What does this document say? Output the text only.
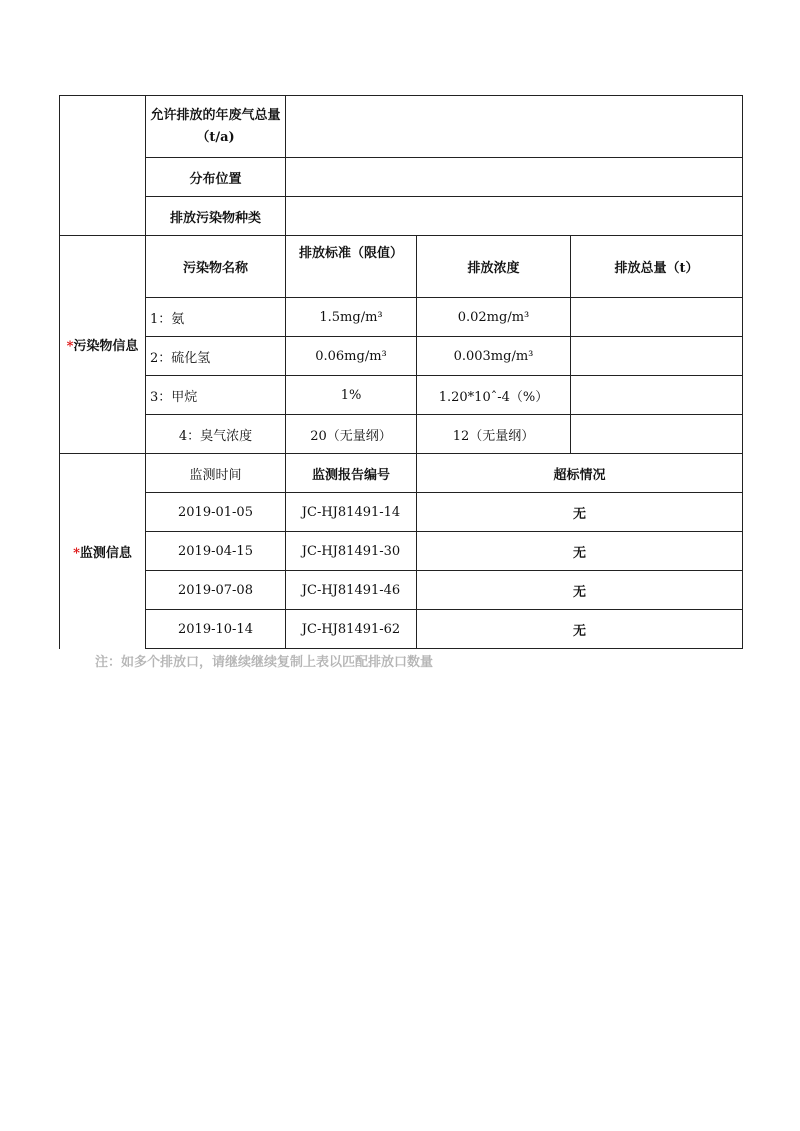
	允许排放的年废气总量（t/a)			
	分布位置			
	排放污染物种类			
*污染物信息	污染物名称	排放标准（限值）	排放浓度	排放总量（t）
	1：氨	1.5mg/m³	0.02mg/m³	
	2：硫化氢	0.06mg/m³	0.003mg/m³	
	3：甲烷	1%	1.20*10ˆ-4（%）	
	4：臭气浓度	20（无量纲）	12（无量纲）	
*监测信息	监测时间	监测报告编号	超标情况	
	2019-01-05	JC-HJ81491-14	无	
	2019-04-15	JC-HJ81491-30	无	
	2019-07-08	JC-HJ81491-46	无	
	2019-10-14	JC-HJ81491-62	无	
注：如多个排放口，请继续继续复制上表以匹配排放口数量
